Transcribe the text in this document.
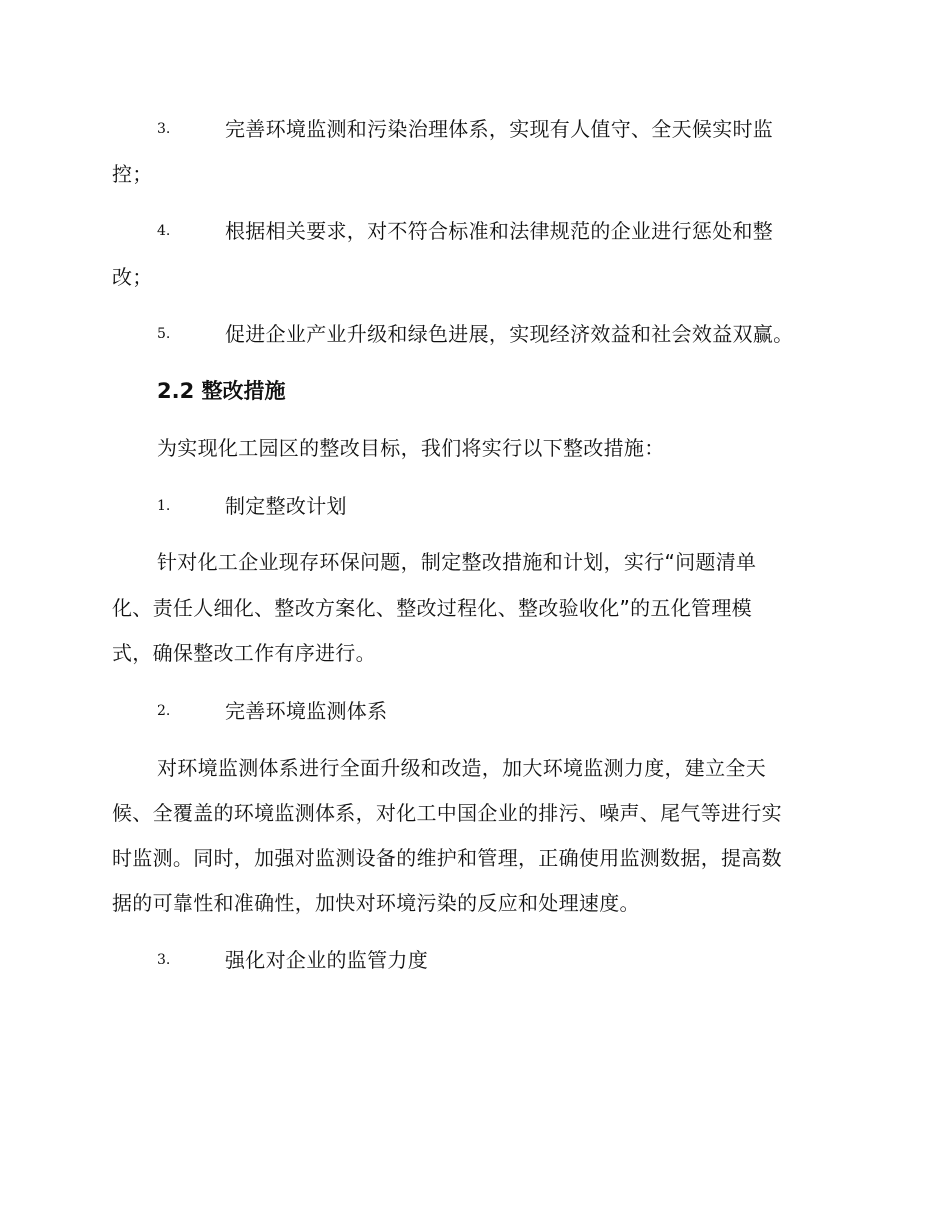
3.	完善环境监测和污染治理体系，实现有人值守、全天候实时监
控；
4.	根据相关要求，对不符合标准和法律规范的企业进行惩处和整
改；
5.	促进企业产业升级和绿色进展，实现经济效益和社会效益双赢。
2.2 整改措施
为实现化工园区的整改目标，我们将实行以下整改措施：
1.	制定整改计划
针对化工企业现存环保问题，制定整改措施和计划，实行“问题清单
化、责任人细化、整改方案化、整改过程化、整改验收化”的五化管理模
式，确保整改工作有序进行。
2.	完善环境监测体系
对环境监测体系进行全面升级和改造，加大环境监测力度，建立全天
候、全覆盖的环境监测体系，对化工中国企业的排污、噪声、尾气等进行实
时监测。同时，加强对监测设备的维护和管理，正确使用监测数据，提高数
据的可靠性和准确性，加快对环境污染的反应和处理速度。
3.	强化对企业的监管力度
